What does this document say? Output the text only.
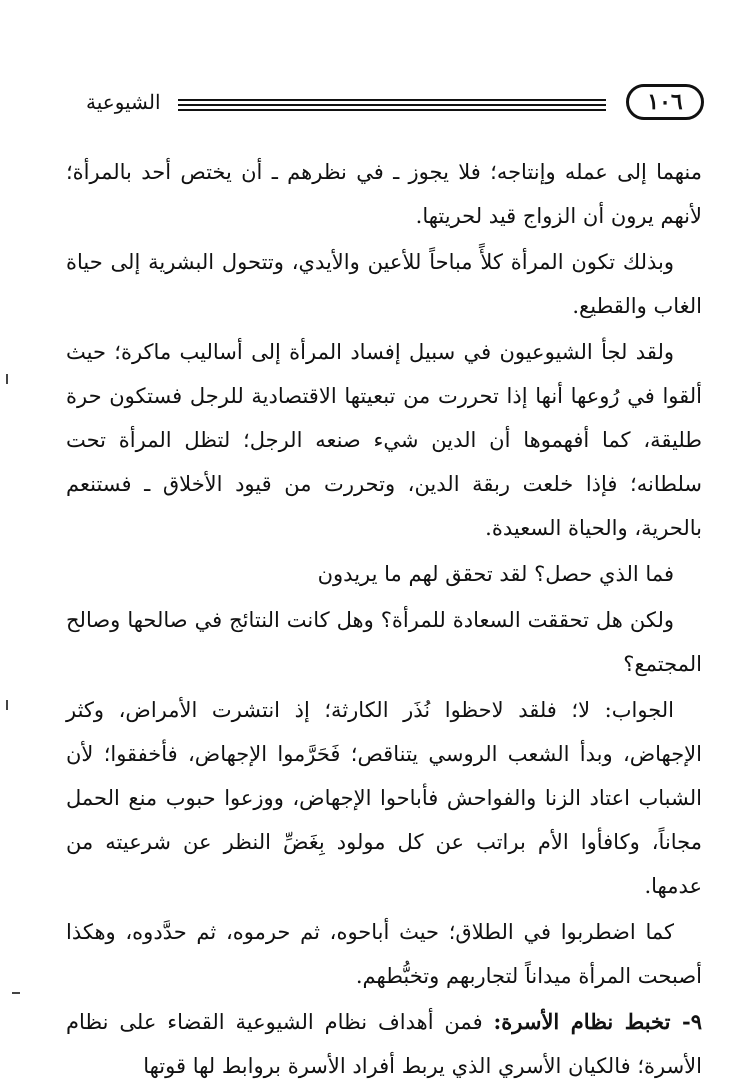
الشيوعية	١٠٦

منهما إلى عمله وإنتاجه؛ فلا يجوز ـ في نظرهم ـ أن يختص أحد بالمرأة؛ لأنهم يرون أن الزواج قيد لحريتها.

وبذلك تكون المرأة كلأً مباحاً للأعين والأيدي، وتتحول البشرية إلى حياة الغاب والقطيع.

ولقد لجأ الشيوعيون في سبيل إفساد المرأة إلى أساليب ماكرة؛ حيث ألقوا في رُوعها أنها إذا تحررت من تبعيتها الاقتصادية للرجل فستكون حرة طليقة، كما أفهموها أن الدين شيء صنعه الرجل؛ لتظل المرأة تحت سلطانه؛ فإذا خلعت ربقة الدين، وتحررت من قيود الأخلاق ـ فستنعم بالحرية، والحياة السعيدة.

فما الذي حصل؟ لقد تحقق لهم ما يريدون

ولكن هل تحققت السعادة للمرأة؟ وهل كانت النتائج في صالحها وصالح المجتمع؟

الجواب: لا؛ فلقد لاحظوا نُذَر الكارثة؛ إذ انتشرت الأمراض، وكثر الإجهاض، وبدأ الشعب الروسي يتناقص؛ فَحَرَّموا الإجهاض، فأخفقوا؛ لأن الشباب اعتاد الزنا والفواحش فأباحوا الإجهاض، ووزعوا حبوب منع الحمل مجاناً، وكافأوا الأم براتب عن كل مولود بِغَضِّ النظر عن شرعيته من عدمها.

كما اضطربوا في الطلاق؛ حيث أباحوه، ثم حرموه، ثم حدَّدوه، وهكذا أصبحت المرأة ميداناً لتجاربهم وتخبُّطهم.

٩- تخبط نظام الأسرة: فمن أهداف نظام الشيوعية القضاء على نظام الأسرة؛ فالكيان الأسري الذي يربط أفراد الأسرة بروابط لها قوتها
